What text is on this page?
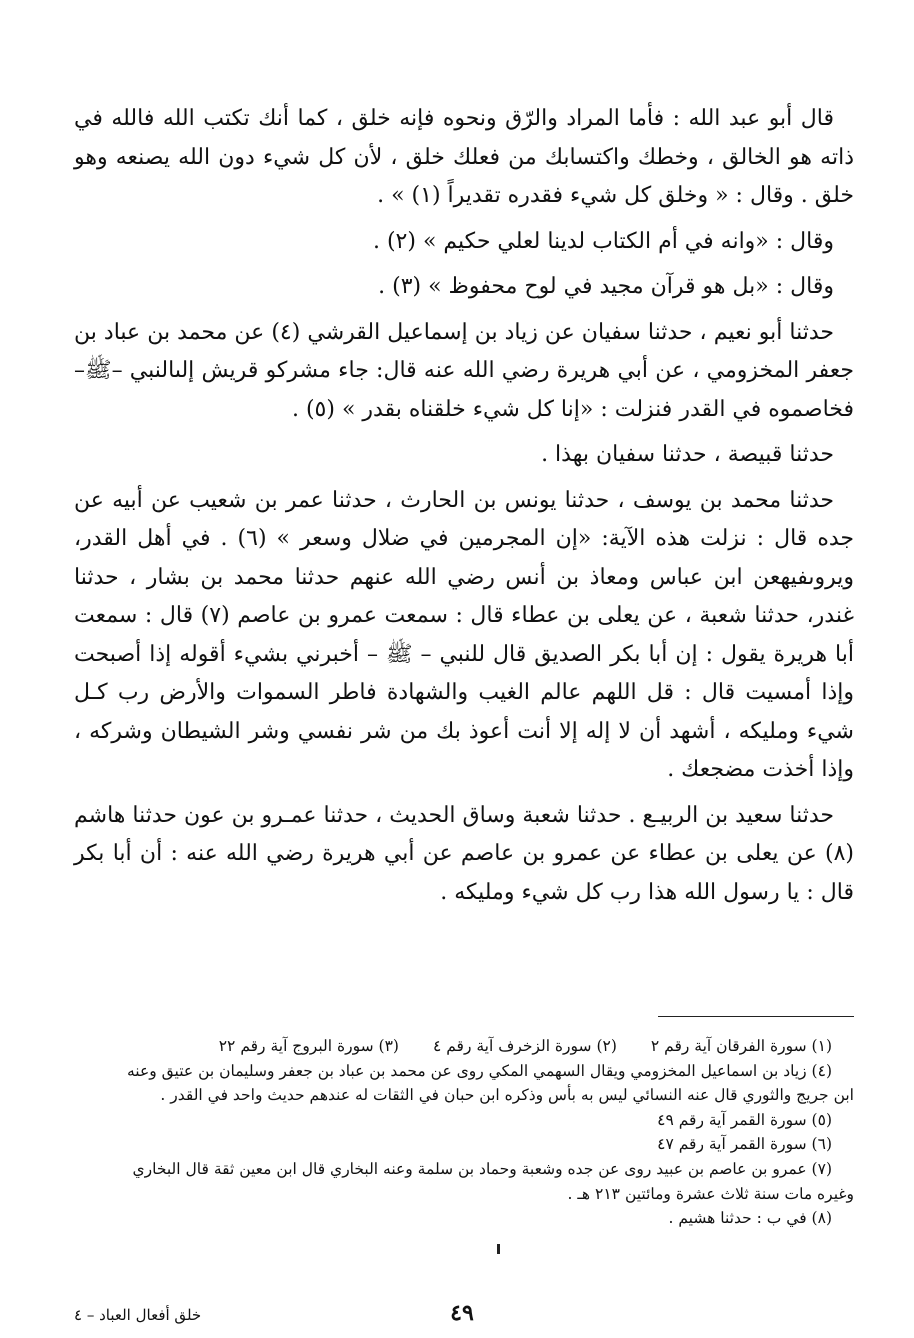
قال أبو عبد الله : فأما المراد والرّق ونحوه فإنه خلق ، كما أنك تكتب الله فالله في ذاته هو الخالق ، وخطك واكتسابك من فعلك خلق ، لأن كل شيء دون الله يصنعه وهو خلق . وقال : « وخلق كل شيء فقدره تقديراً (١) » .

وقال : «وانه في أم الكتاب لدينا لعلي حكيم » (٢) .

وقال : «بل هو قرآن مجيد في لوح محفوظ » (٣) .

حدثنا أبو نعيم ، حدثنا سفيان عن زياد بن إسماعيل القرشي (٤) عن محمد بن عباد بن جعفر المخزومي ، عن أبي هريرة رضي الله عنه قال: جاء مشركو قريش إلىالنبي –ﷺ– فخاصموه في القدر فنزلت : «إنا كل شيء خلقناه بقدر » (٥) .

حدثنا قبيصة ، حدثنا سفيان بهذا .

حدثنا محمد بن يوسف ، حدثنا يونس بن الحارث ، حدثنا عمر بن شعيب عن أبيه عن جده قال : نزلت هذه الآية: «إن المجرمين في ضلال وسعر » (٦) . في أهل القدر، ويروىفيهعن ابن عباس ومعاذ بن أنس رضي الله عنهم حدثنا محمد بن بشار ، حدثنا غندر، حدثنا شعبة ، عن يعلى بن عطاء قال : سمعت عمرو بن عاصم (٧) قال : سمعت أبا هريرة يقول : إن أبا بكر الصديق قال للنبي – ﷺ – أخبرني بشيء أقوله إذا أصبحت وإذا أمسيت قال : قل اللهم عالم الغيب والشهادة فاطر السموات والأرض رب كـل شيء ومليكه ، أشهد أن لا إله إلا أنت أعوذ بك من شر نفسي وشر الشيطان وشركه ، وإذا أخذت مضجعك .

حدثنا سعيد بن الربيـع . حدثنا شعبة وساق الحديث ، حدثنا عمـرو بن عون حدثنا هاشم (٨) عن يعلى بن عطاء عن عمرو بن عاصم عن أبي هريرة رضي الله عنه : أن أبا بكر قال : يا رسول الله هذا رب كل شيء ومليكه .

(١) سورة الفرقان آية رقم ٢
(٢) سورة الزخرف آية رقم ٤
(٣) سورة البروج آية رقم ٢٢
(٤) زياد بن اسماعيل المخزومي ويقال السهمي المكي روى عن محمد بن عباد بن جعفر وسليمان بن عتيق وعنه
ابن جريج والثوري قال عنه النسائي ليس به بأس وذكره ابن حبان في الثقات له عندهم حديث واحد في القدر .
(٥) سورة القمر آية رقم ٤٩
(٦) سورة القمر آية رقم ٤٧
(٧) عمرو بن عاصم بن عبيد روى عن جده وشعبة وحماد بن سلمة وعنه البخاري قال ابن معين ثقة قال البخاري
وغيره مات سنة ثلاث عشرة ومائتين ٢١٣ هـ .
(٨) في ب : حدثنا هشيم .
٤٩
خلق أفعال العباد – ٤
